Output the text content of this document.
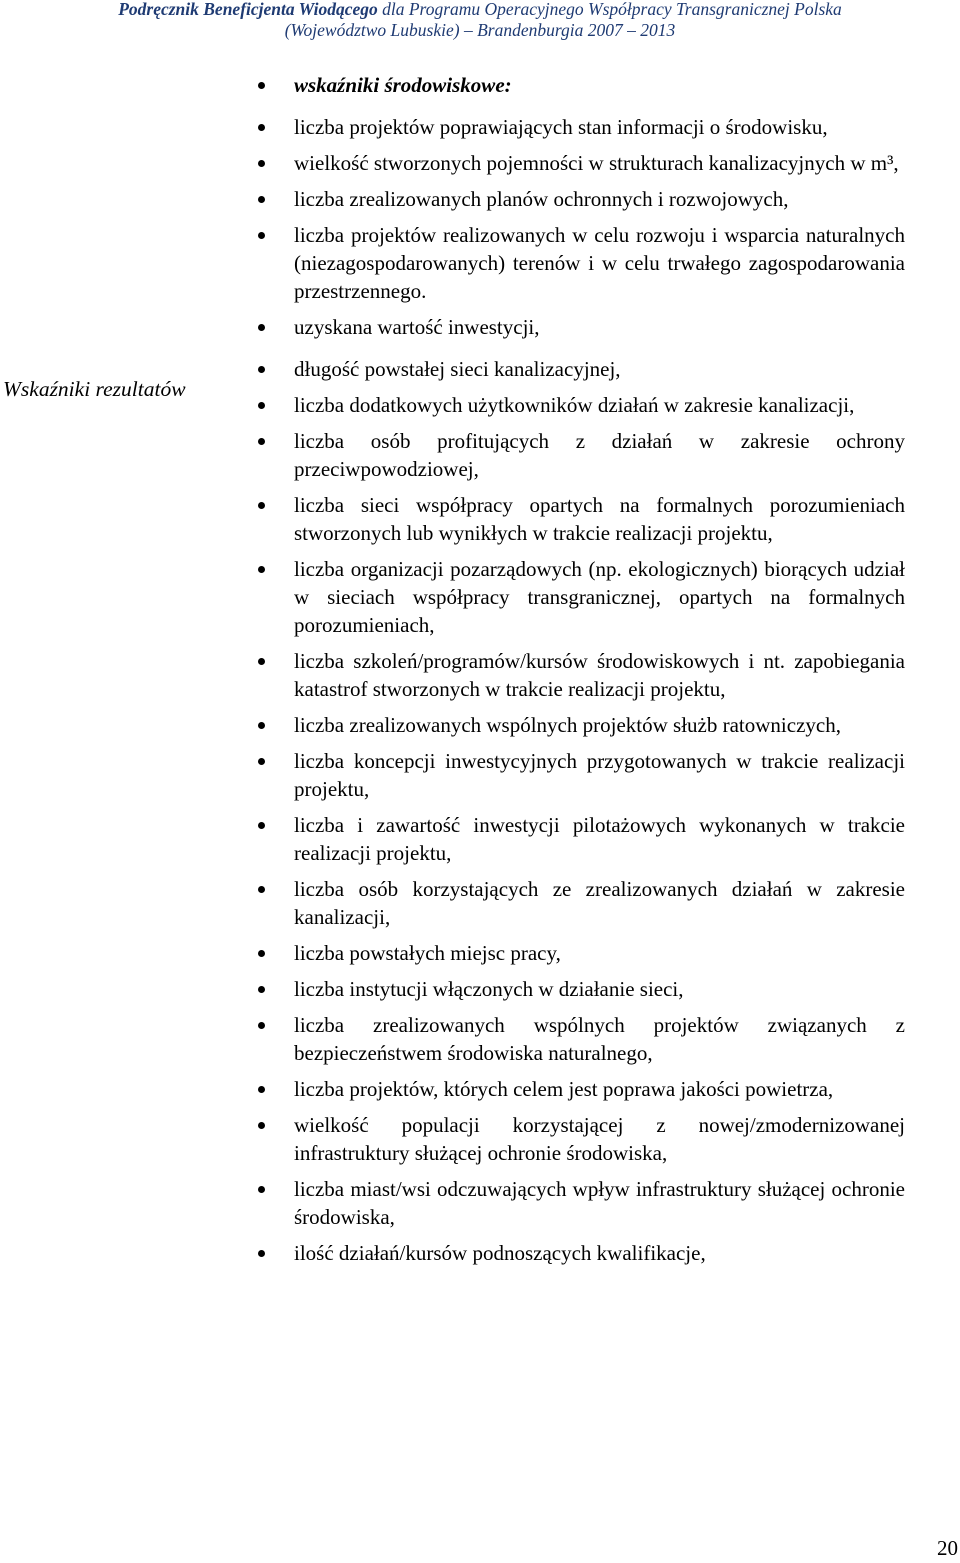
Podręcznik Beneficjenta Wiodącego dla Programu Operacyjnego Współpracy Transgranicznej Polska
(Województwo Lubuskie) – Brandenburgia 2007 – 2013
Wskaźniki rezultatów
wskaźniki środowiskowe:
liczba projektów poprawiających stan informacji o środowisku,
wielkość stworzonych pojemności w strukturach kanalizacyjnych w m³,
liczba zrealizowanych planów ochronnych i rozwojowych,
liczba projektów realizowanych w celu rozwoju i wsparcia naturalnych (niezagospodarowanych) terenów i w celu trwałego zagospodarowania przestrzennego.
uzyskana wartość inwestycji,
długość powstałej sieci kanalizacyjnej,
liczba dodatkowych użytkowników działań w zakresie kanalizacji,
liczba osób profitujących z działań w zakresie ochrony przeciwpowodziowej,
liczba sieci współpracy opartych na formalnych porozumieniach stworzonych lub wynikłych w trakcie realizacji projektu,
liczba organizacji pozarządowych (np. ekologicznych) biorących udział w sieciach współpracy transgranicznej, opartych na formalnych porozumieniach,
liczba szkoleń/programów/kursów środowiskowych i nt. zapobiegania katastrof stworzonych w trakcie realizacji projektu,
liczba zrealizowanych wspólnych projektów służb ratowniczych,
liczba koncepcji inwestycyjnych przygotowanych w trakcie realizacji projektu,
liczba i zawartość inwestycji pilotażowych wykonanych w trakcie realizacji projektu,
liczba osób korzystających ze zrealizowanych działań w zakresie kanalizacji,
liczba powstałych miejsc pracy,
liczba instytucji włączonych w działanie sieci,
liczba zrealizowanych wspólnych projektów związanych z bezpieczeństwem środowiska naturalnego,
liczba projektów, których celem jest poprawa jakości powietrza,
wielkość populacji korzystającej z nowej/zmodernizowanej infrastruktury służącej ochronie środowiska,
liczba miast/wsi odczuwających wpływ infrastruktury służącej ochronie środowiska,
ilość działań/kursów podnoszących kwalifikacje,
20
